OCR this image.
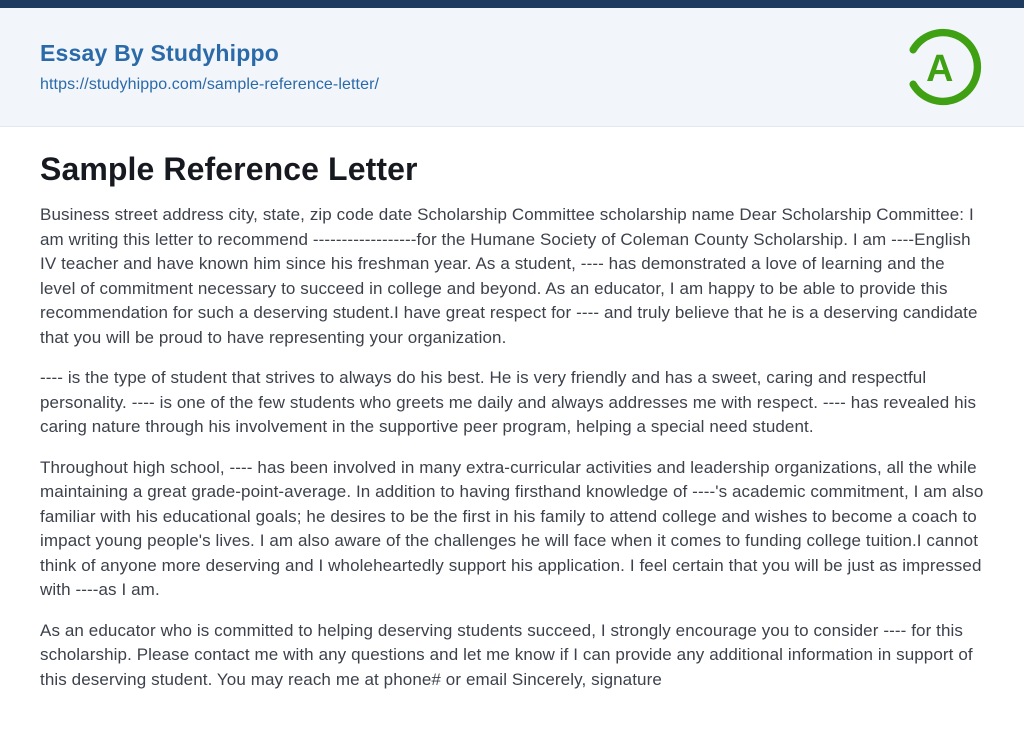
Essay By Studyhippo
https://studyhippo.com/sample-reference-letter/	A
Sample Reference Letter

Business street address city, state, zip code date Scholarship Committee scholarship name Dear Scholarship Committee: I am writing this letter to recommend ------------------for the Humane Society of Coleman County Scholarship. I am ----English IV teacher and have known him since his freshman year. As a student, ---- has demonstrated a love of learning and the level of commitment necessary to succeed in college and beyond. As an educator, I am happy to be able to provide this recommendation for such a deserving student.I have great respect for ---- and truly believe that he is a deserving candidate that you will be proud to have representing your organization.

---- is the type of student that strives to always do his best. He is very friendly and has a sweet, caring and respectful personality. ---- is one of the few students who greets me daily and always addresses me with respect. ---- has revealed his caring nature through his involvement in the supportive peer program, helping a special need student.

Throughout high school, ---- has been involved in many extra-curricular activities and leadership organizations, all the while maintaining a great grade-point-average. In addition to having firsthand knowledge of ----'s academic commitment, I am also familiar with his educational goals; he desires to be the first in his family to attend college and wishes to become a coach to impact young people's lives. I am also aware of the challenges he will face when it comes to funding college tuition.I cannot think of anyone more deserving and I wholeheartedly support his application. I feel certain that you will be just as impressed with ----as I am.

As an educator who is committed to helping deserving students succeed, I strongly encourage you to consider ---- for this scholarship. Please contact me with any questions and let me know if I can provide any additional information in support of this deserving student. You may reach me at phone# or email Sincerely, signature
